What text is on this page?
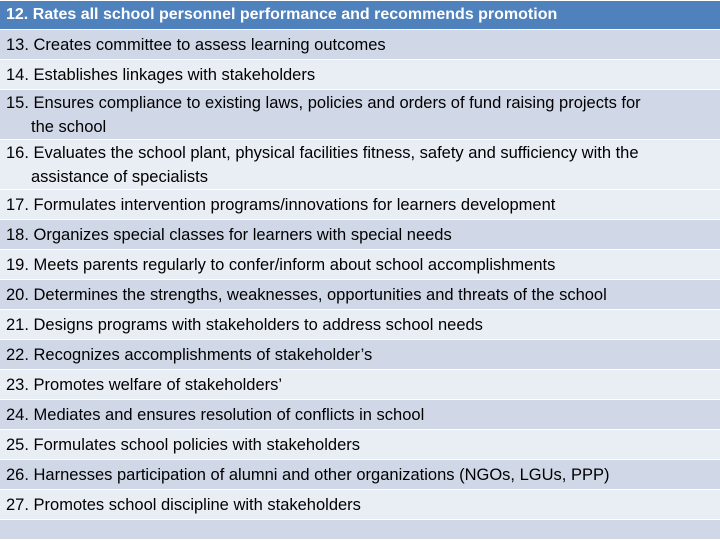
12. Rates all school personnel performance and recommends promotion
13. Creates committee to assess learning outcomes
14. Establishes linkages with stakeholders
15. Ensures compliance to existing laws, policies and orders of fund raising projects for
the school
16. Evaluates the school plant, physical facilities fitness, safety and sufficiency with the
assistance of specialists
17. Formulates intervention programs/innovations for learners development
18. Organizes special classes for learners with special needs
19. Meets parents regularly to confer/inform about school accomplishments
20. Determines the strengths, weaknesses, opportunities and threats of the school
21. Designs programs with stakeholders to address school needs
22. Recognizes accomplishments of stakeholder’s
23. Promotes welfare of stakeholders’
24. Mediates and ensures resolution of conflicts in school
25. Formulates school policies with stakeholders
26. Harnesses participation of alumni and other organizations (NGOs, LGUs, PPP)
27. Promotes school discipline with stakeholders
